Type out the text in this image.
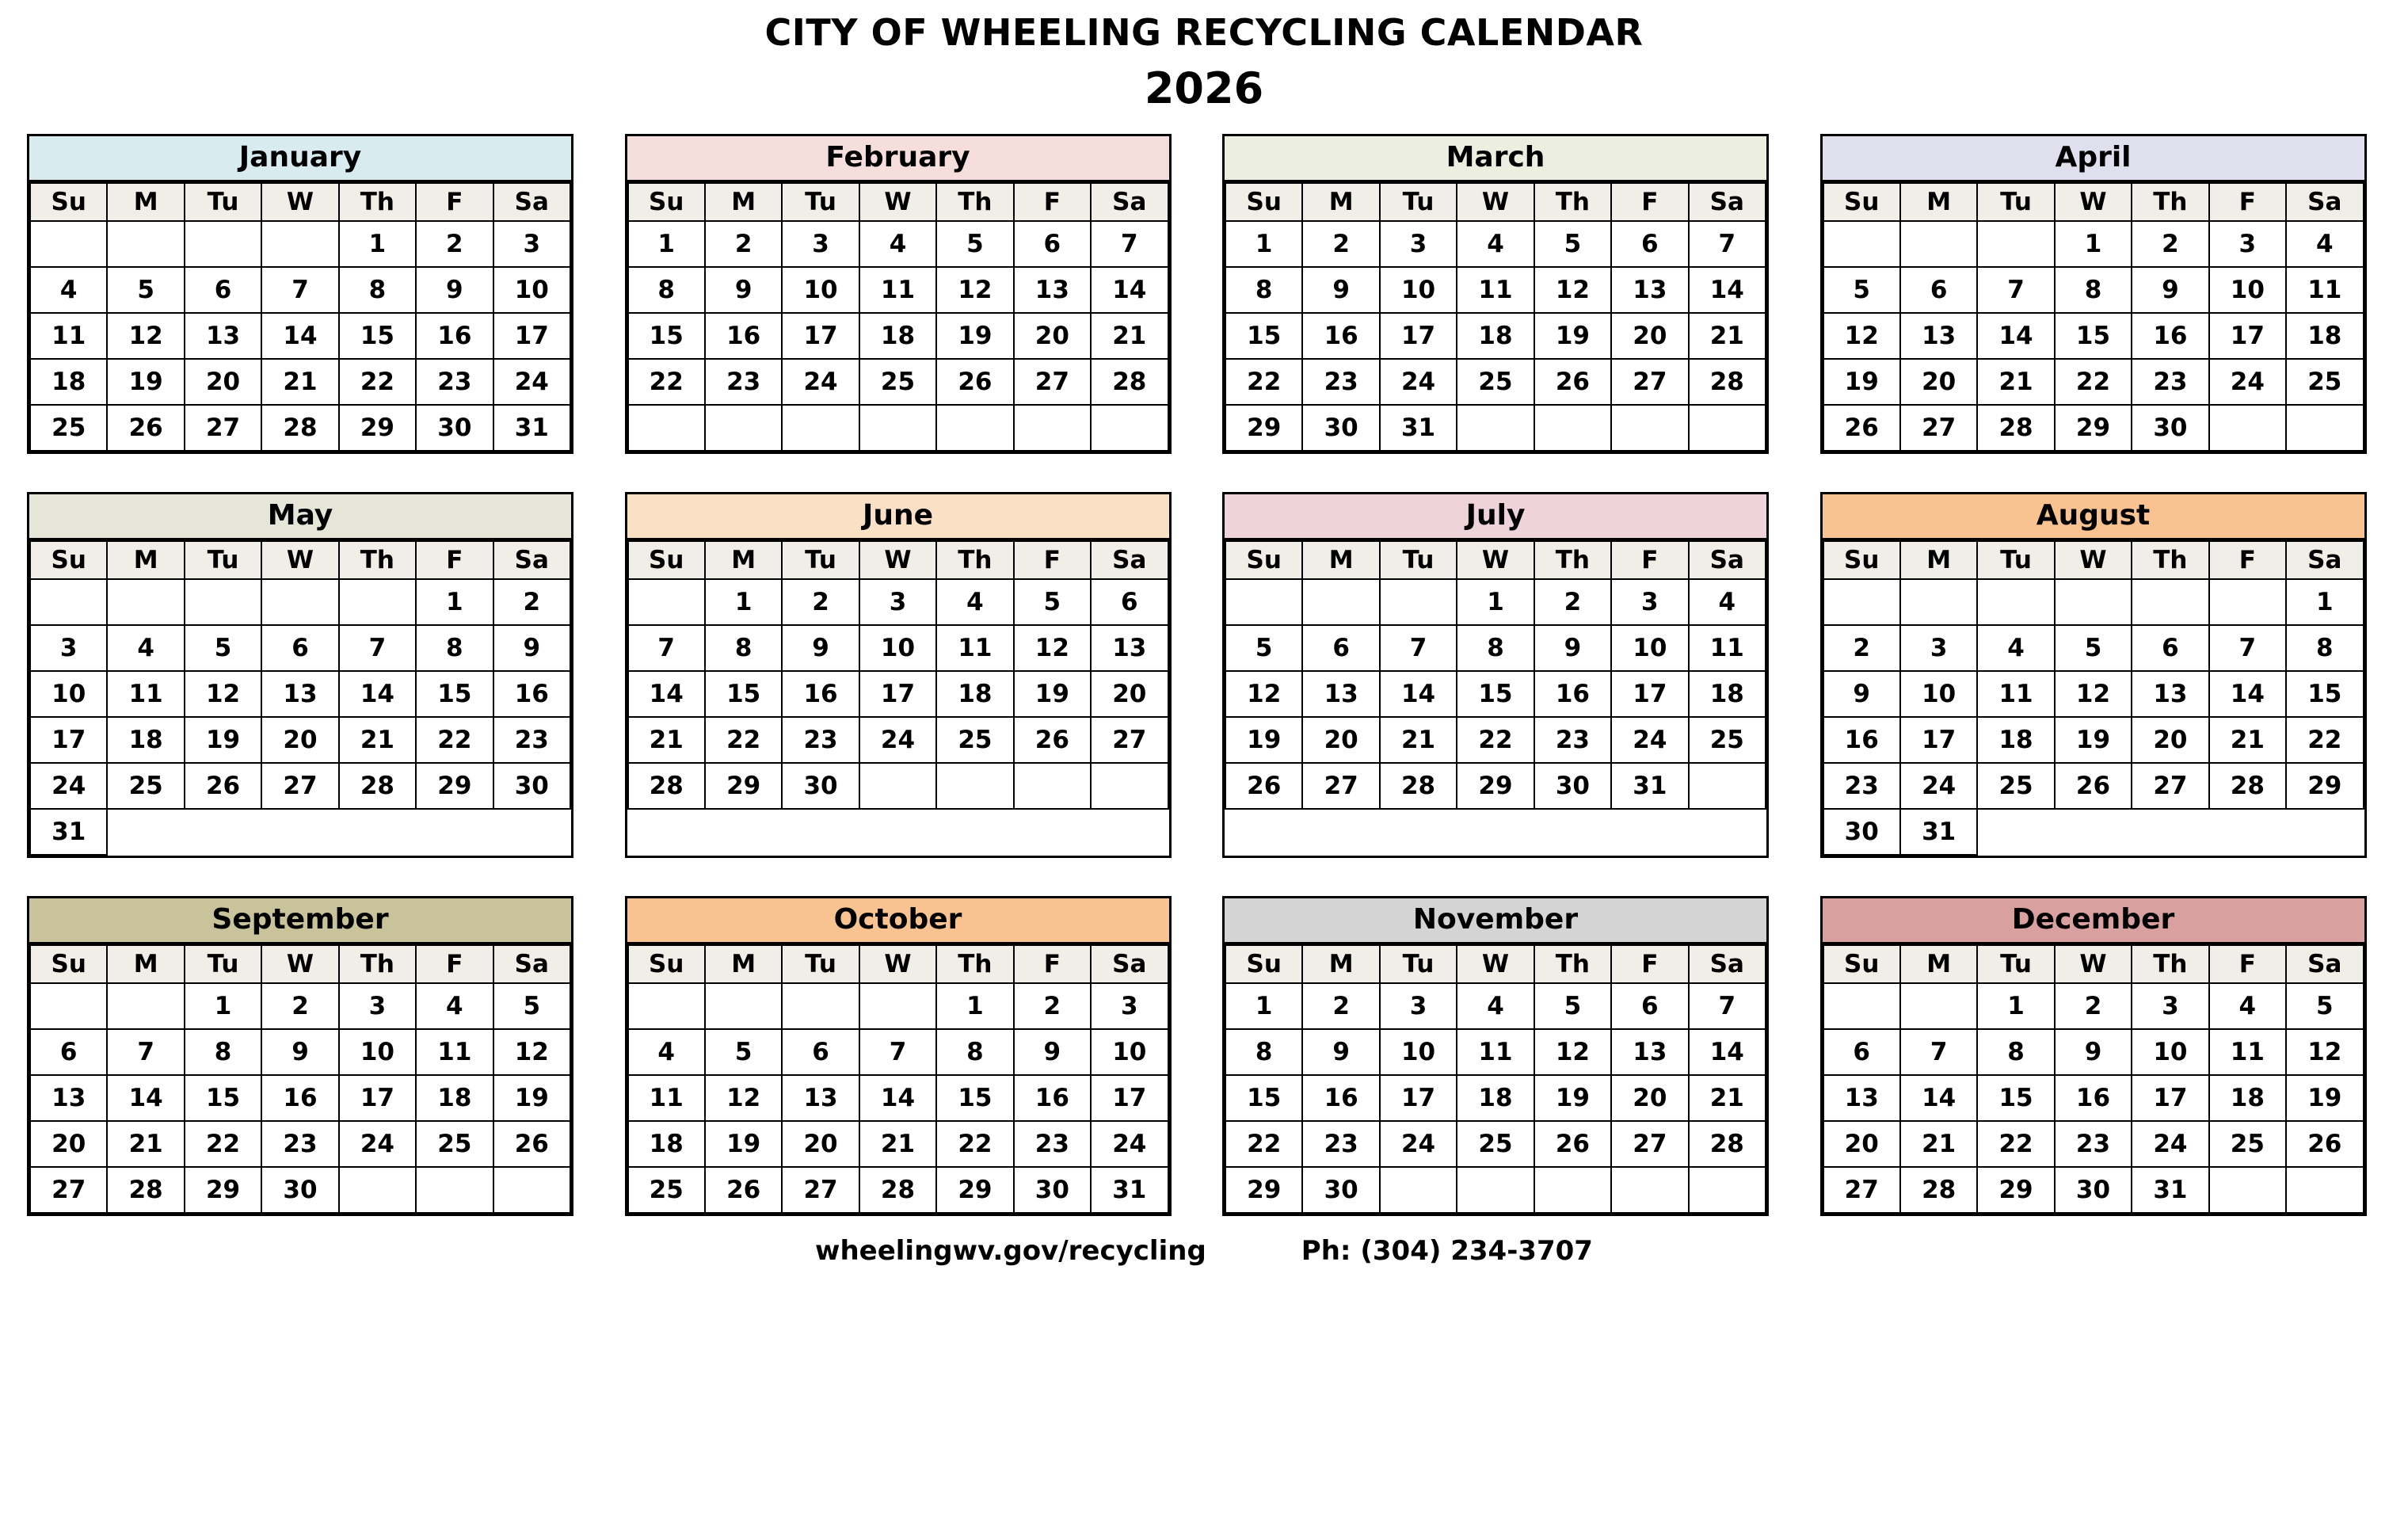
CITY OF WHEELING RECYCLING CALENDAR
2026
January
Su	M	Tu	W	Th	F	Sa
				1	2	3
4	5	6	7	8	9	10
11	12	13	14	15	16	17
18	19	20	21	22	23	24
25	26	27	28	29	30	31
February
Su	M	Tu	W	Th	F	Sa
1	2	3	4	5	6	7
8	9	10	11	12	13	14
15	16	17	18	19	20	21
22	23	24	25	26	27	28

March
Su	M	Tu	W	Th	F	Sa
1	2	3	4	5	6	7
8	9	10	11	12	13	14
15	16	17	18	19	20	21
22	23	24	25	26	27	28
29	30	31				
April
Su	M	Tu	W	Th	F	Sa
			1	2	3	4
5	6	7	8	9	10	11
12	13	14	15	16	17	18
19	20	21	22	23	24	25
26	27	28	29	30		
May
Su	M	Tu	W	Th	F	Sa
					1	2
3	4	5	6	7	8	9
10	11	12	13	14	15	16
17	18	19	20	21	22	23
24	25	26	27	28	29	30
31						
June
Su	M	Tu	W	Th	F	Sa
	1	2	3	4	5	6
7	8	9	10	11	12	13
14	15	16	17	18	19	20
21	22	23	24	25	26	27
28	29	30				
July
Su	M	Tu	W	Th	F	Sa
			1	2	3	4
5	6	7	8	9	10	11
12	13	14	15	16	17	18
19	20	21	22	23	24	25
26	27	28	29	30	31	
August
Su	M	Tu	W	Th	F	Sa
						1
2	3	4	5	6	7	8
9	10	11	12	13	14	15
16	17	18	19	20	21	22
23	24	25	26	27	28	29
30	31					
September
Su	M	Tu	W	Th	F	Sa
		1	2	3	4	5
6	7	8	9	10	11	12
13	14	15	16	17	18	19
20	21	22	23	24	25	26
27	28	29	30			
October
Su	M	Tu	W	Th	F	Sa
				1	2	3
4	5	6	7	8	9	10
11	12	13	14	15	16	17
18	19	20	21	22	23	24
25	26	27	28	29	30	31
November
Su	M	Tu	W	Th	F	Sa
1	2	3	4	5	6	7
8	9	10	11	12	13	14
15	16	17	18	19	20	21
22	23	24	25	26	27	28
29	30					
December
Su	M	Tu	W	Th	F	Sa
		1	2	3	4	5
6	7	8	9	10	11	12
13	14	15	16	17	18	19
20	21	22	23	24	25	26
27	28	29	30	31		
wheelingwv.gov/recycling	Ph: (304) 234-3707
